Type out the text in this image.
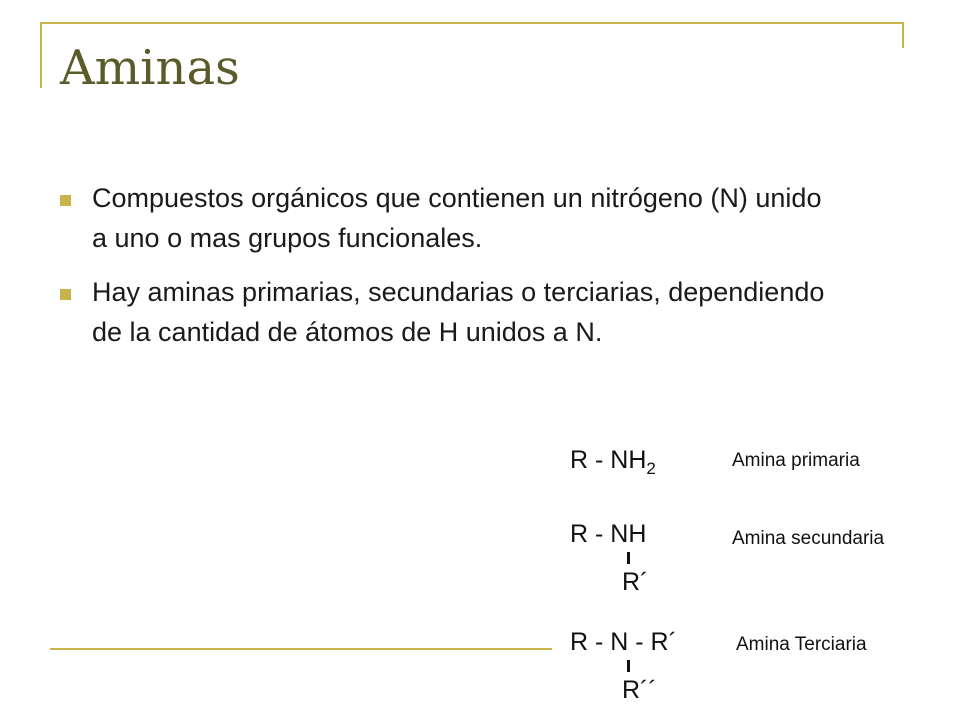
Aminas
Compuestos orgánicos que contienen un nitrógeno (N) unido a uno o mas grupos funcionales.
Hay aminas primarias, secundarias o terciarias, dependiendo de la cantidad de átomos de H unidos a N.
R - $NH_2$	Amina primaria
R - NH
R´
Amina secundaria
R - N - R´
R´´
Amina Terciaria
